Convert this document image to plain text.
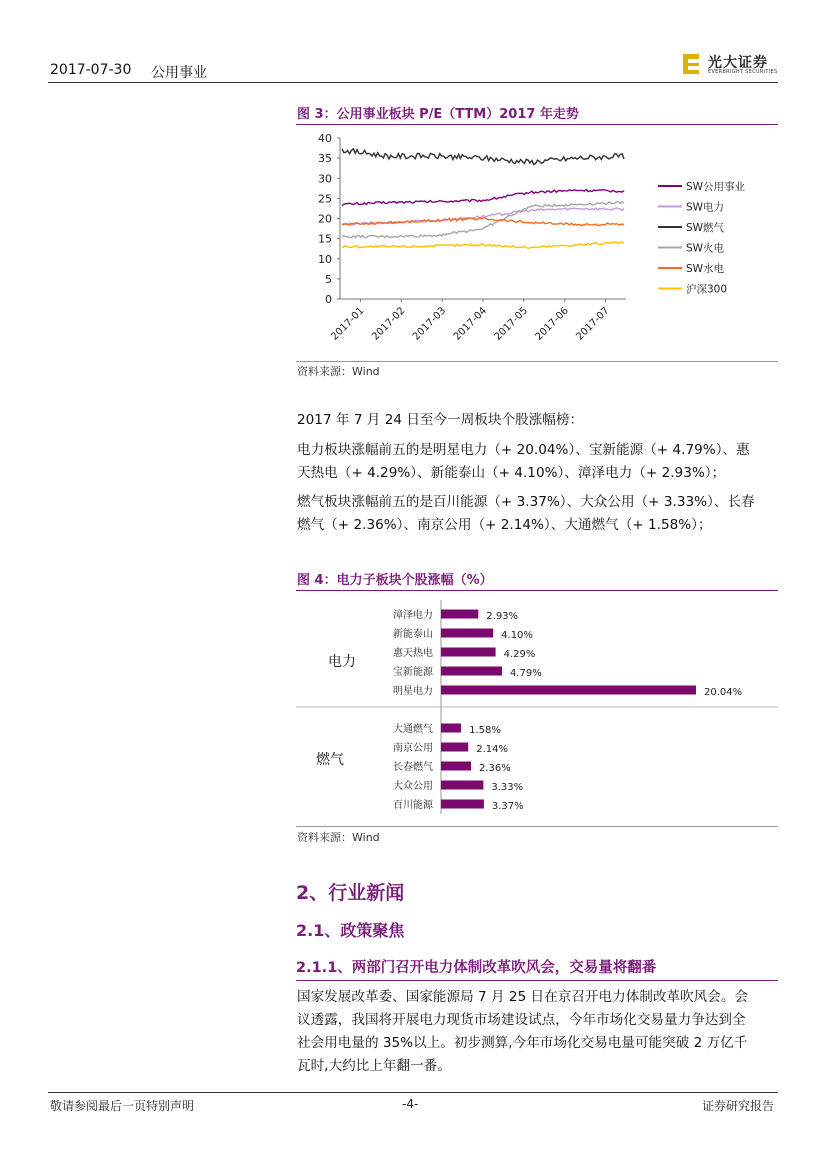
2017-07-30 公用事业
光大证券
EVERBRIGHT SECURITIES
图 3：公用事业板块 P/E（TTM）2017 年走势
0
5
10
15
20
25
30
35
40
2017-01 2017-02 2017-03 2017-04 2017-05 2017-06 2017-07
SW公用事业
SW电力
SW燃气
SW火电
SW水电
沪深300
资料来源：Wind
2017 年 7 月 24 日至今一周板块个股涨幅榜：
电力板块涨幅前五的是明星电力（+ 20.04%）、宝新能源（+ 4.79%）、惠
天热电（+ 4.29%）、新能泰山（+ 4.10%）、漳泽电力（+ 2.93%）；
燃气板块涨幅前五的是百川能源（+ 3.37%）、大众公用（+ 3.33%）、长春
燃气（+ 2.36%）、南京公用（+ 2.14%）、大通燃气（+ 1.58%）；
图 4：电力子板块个股涨幅（%）
电力
燃气
漳泽电力	2.93%
新能泰山	4.10%
惠天热电	4.29%
宝新能源	4.79%
明星电力	20.04%
大通燃气	1.58%
南京公用	2.14%
长春燃气	2.36%
大众公用	3.33%
百川能源	3.37%
资料来源：Wind
2、行业新闻
2.1、政策聚焦
2.1.1、两部门召开电力体制改革吹风会，交易量将翻番
国家发展改革委、国家能源局 7 月 25 日在京召开电力体制改革吹风会。会
议透露，我国将开展电力现货市场建设试点，今年市场化交易量力争达到全
社会用电量的 35%以上。初步测算,今年市场化交易电量可能突破 2 万亿千
瓦时,大约比上年翻一番。
敬请参阅最后一页特别声明	-4-	证券研究报告
